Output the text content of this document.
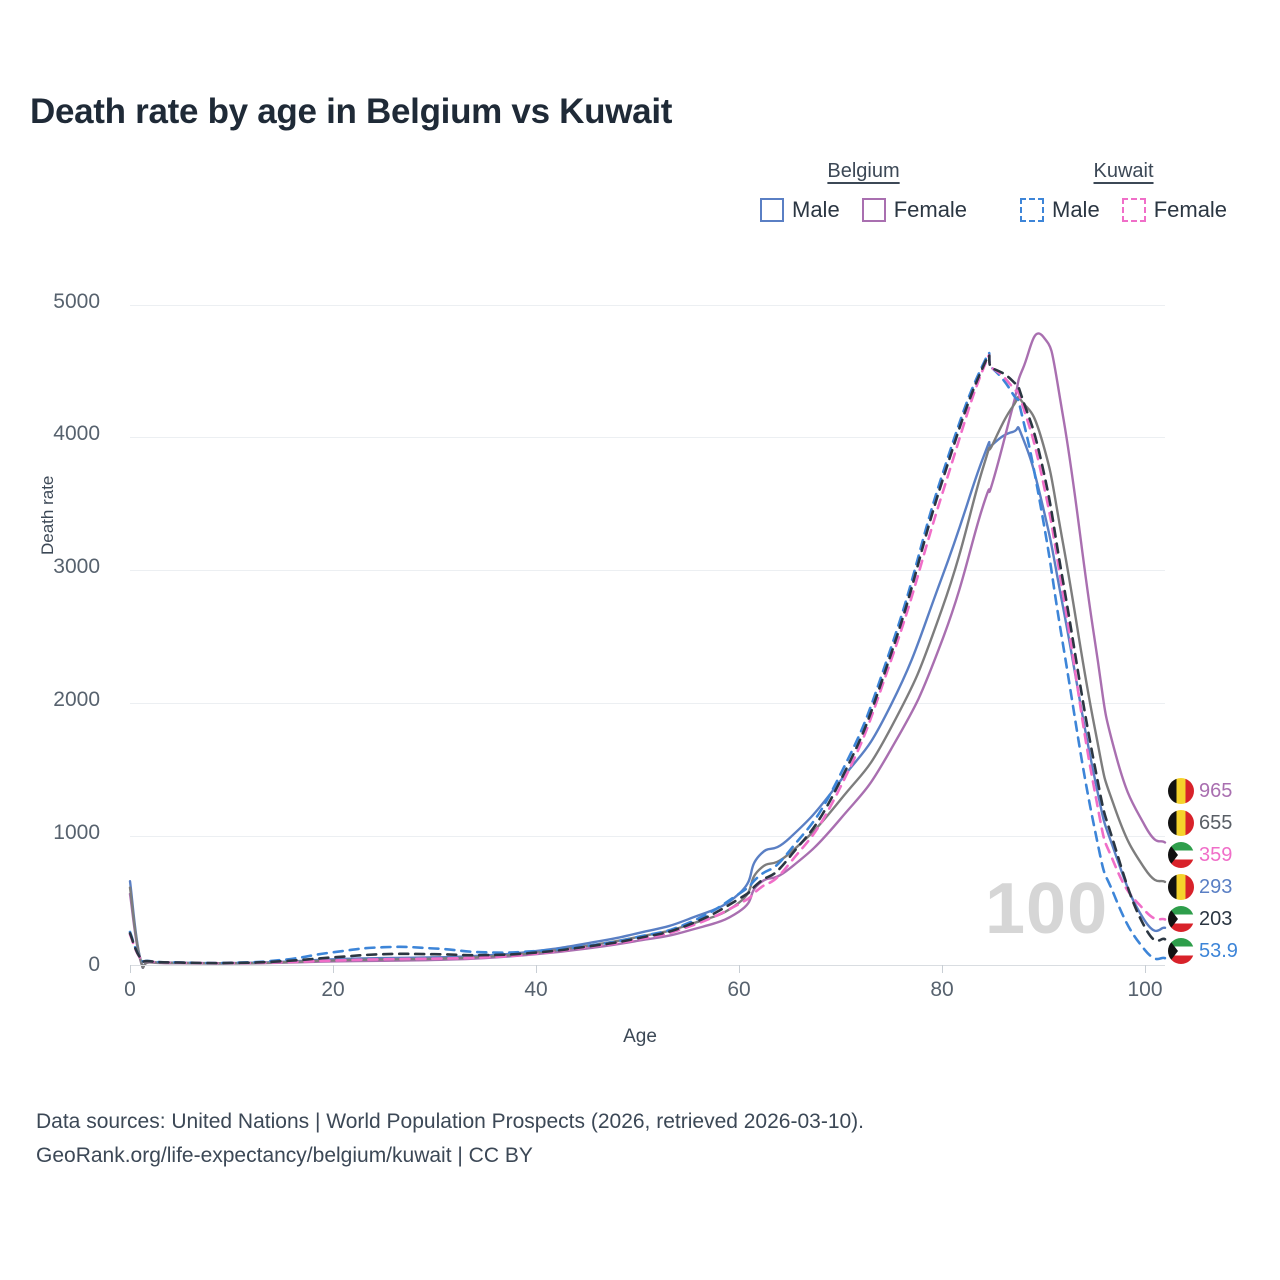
Death rate by age in Belgium vs Kuwait
Belgium
Male Female
Kuwait
Male Female
Death rate
5000
4000
3000
2000
1000
0
0	20	40	60	80	100
Age
100
965
655
359
293
203
53.9
Data sources: United Nations | World Population Prospects (2026, retrieved 2026-03-10).
GeoRank.org/life-expectancy/belgium/kuwait | CC BY
